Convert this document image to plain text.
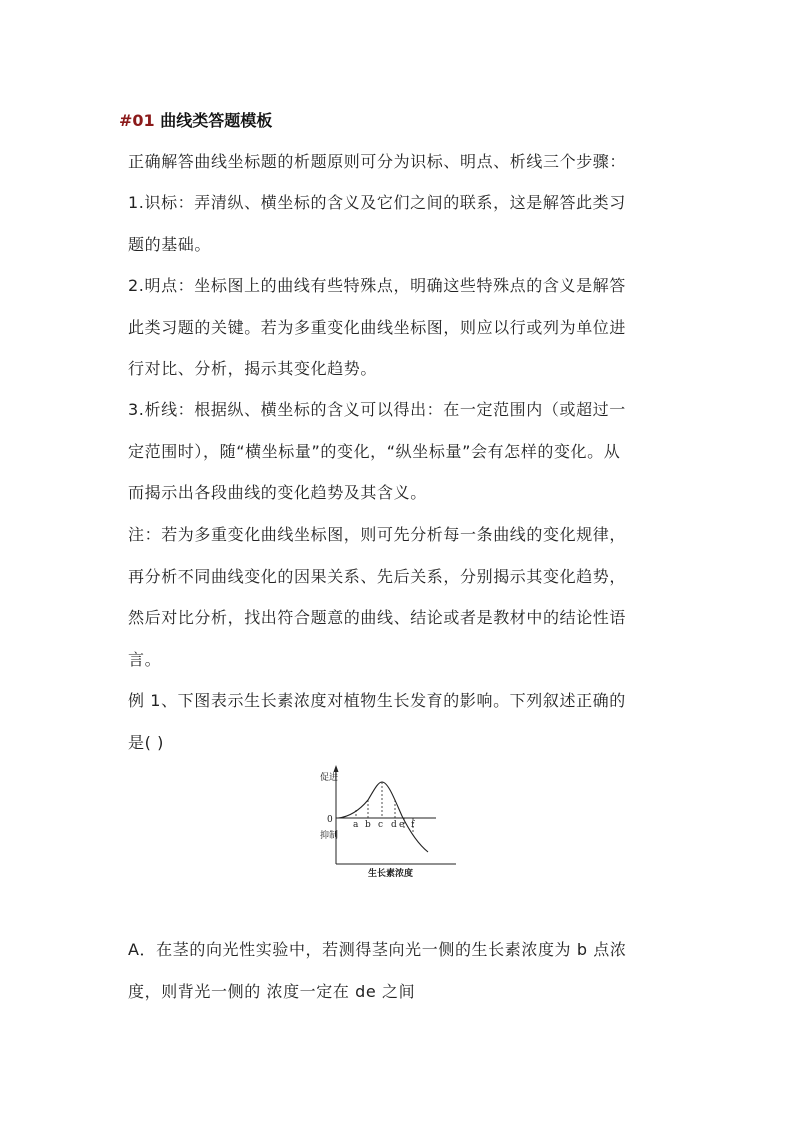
#01 曲线类答题模板
正确解答曲线坐标题的析题原则可分为识标、明点、析线三个步骤：
1.识标：弄清纵、横坐标的含义及它们之间的联系，这是解答此类习
题的基础。
2.明点：坐标图上的曲线有些特殊点，明确这些特殊点的含义是解答
此类习题的关键。若为多重变化曲线坐标图，则应以行或列为单位进
行对比、分析，揭示其变化趋势。
3.析线：根据纵、横坐标的含义可以得出：在一定范围内（或超过一
定范围时），随“横坐标量”的变化，“纵坐标量”会有怎样的变化。从
而揭示出各段曲线的变化趋势及其含义。
注：若为多重变化曲线坐标图，则可先分析每一条曲线的变化规律，
再分析不同曲线变化的因果关系、先后关系，分别揭示其变化趋势，
然后对比分析，找出符合题意的曲线、结论或者是教材中的结论性语
言。
例 1、下图表示生长素浓度对植物生长发育的影响。下列叙述正确的
是( )
促进
0
抑制
生长素浓度
a b c d e f
A．在茎的向光性实验中，若测得茎向光一侧的生长素浓度为 b 点浓
度，则背光一侧的 浓度一定在 de 之间
